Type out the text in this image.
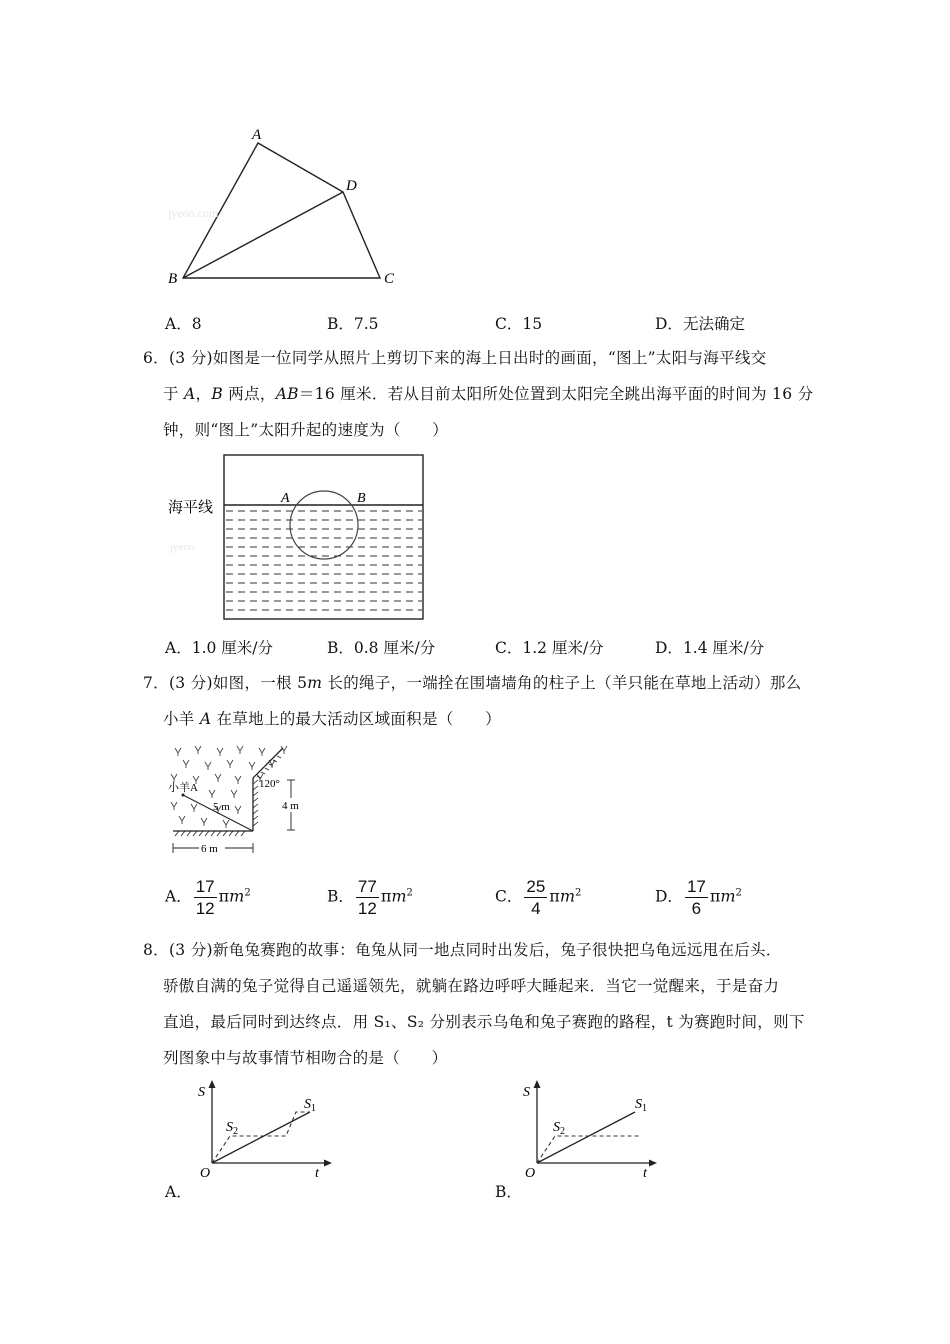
A
D
B	C
jyeoo.com
A．8	B．7.5	C．15	D．无法确定
6．(3 分)如图是一位同学从照片上剪切下来的海上日出时的画面，“图上”太阳与海平线交
于 A，B 两点，AB＝16 厘米．若从目前太阳所处位置到太阳完全跳出海平面的时间为 16 分
钟，则“图上”太阳升起的速度为（　　）
海平线
A	B
jyeoo
A．1.0 厘米/分	B．0.8 厘米/分	C．1.2 厘米/分	D．1.4 厘米/分
7．(3 分)如图，一根 5m 长的绳子，一端拴在围墙墙角的柱子上（羊只能在草地上活动）那么
小羊 A 在草地上的最大活动区域面积是（　　）
小羊A
5 m
120°
4 m
6 m
A． $\frac{17}{12} \pi m^2$	B． $\frac{77}{12} \pi m^2$	C． $\frac{25}{4} \pi m^2$	D． $\frac{17}{6} \pi m^2$
8．(3 分)新龟兔赛跑的故事：龟兔从同一地点同时出发后，兔子很快把乌龟远远甩在后头．
骄傲自满的兔子觉得自己遥遥领先，就躺在路边呼呼大睡起来．当它一觉醒来，于是奋力
直追，最后同时到达终点．用 S₁、S₂ 分别表示乌龟和兔子赛跑的路程，t 为赛跑时间，则下
列图象中与故事情节相吻合的是（　　）
S
t
O
$S_1$
$S_2$
A．
S
t
O
$S_1$
$S_2$
B．
